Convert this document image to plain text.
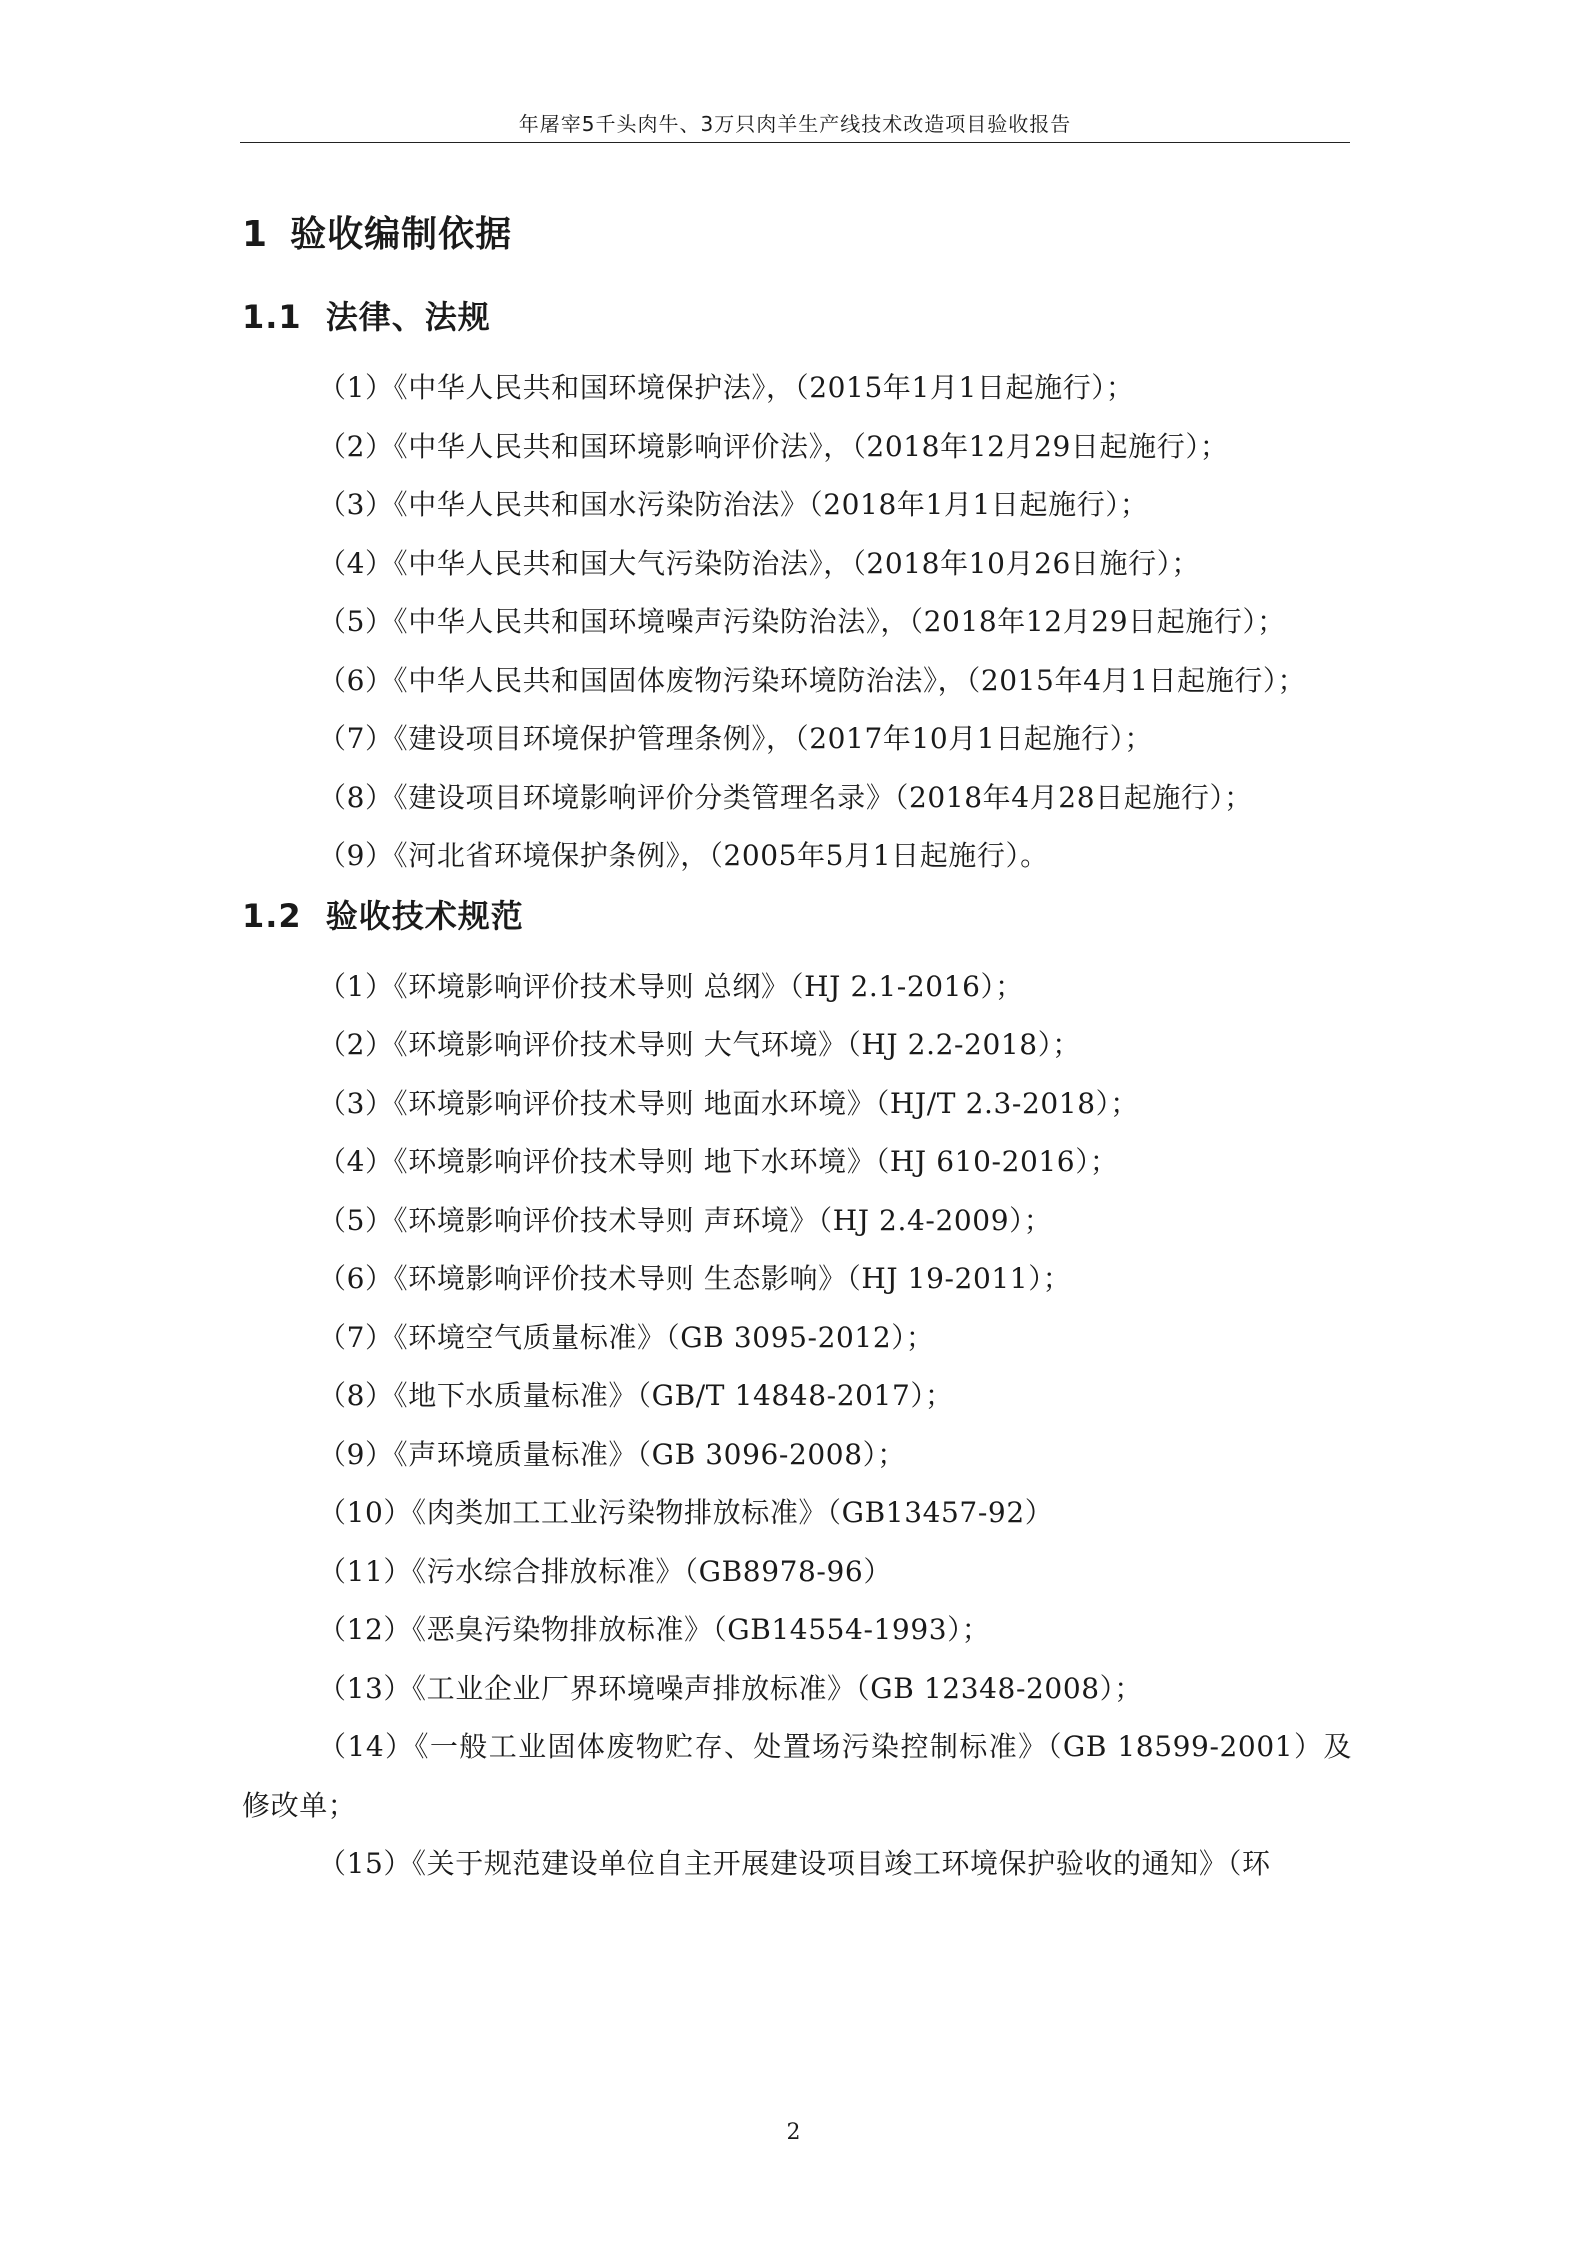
年屠宰5千头肉牛、3万只肉羊生产线技术改造项目验收报告
1 验收编制依据
1.1 法律、法规

（1）《中华人民共和国环境保护法》，（2015年1月1日起施行）；

（2）《中华人民共和国环境影响评价法》，（2018年12月29日起施行）；

（3）《中华人民共和国水污染防治法》（2018年1月1日起施行）；

（4）《中华人民共和国大气污染防治法》，（2018年10月26日施行）；

（5）《中华人民共和国环境噪声污染防治法》，（2018年12月29日起施行）；

（6）《中华人民共和国固体废物污染环境防治法》，（2015年4月1日起施行）；

（7）《建设项目环境保护管理条例》，（2017年10月1日起施行）；

（8）《建设项目环境影响评价分类管理名录》（2018年4月28日起施行）；

（9）《河北省环境保护条例》，（2005年5月1日起施行）。

1.2 验收技术规范

（1）《环境影响评价技术导则 总纲》（HJ 2.1-2016）；

（2）《环境影响评价技术导则 大气环境》（HJ 2.2-2018）；

（3）《环境影响评价技术导则 地面水环境》（HJ/T 2.3-2018）；

（4）《环境影响评价技术导则 地下水环境》（HJ 610-2016）；

（5）《环境影响评价技术导则 声环境》（HJ 2.4-2009）；

（6）《环境影响评价技术导则 生态影响》（HJ 19-2011）；

（7）《环境空气质量标准》（GB 3095-2012）；

（8）《地下水质量标准》（GB/T 14848-2017）；

（9）《声环境质量标准》（GB 3096-2008）；

（10）《肉类加工工业污染物排放标准》（GB13457-92）

（11）《污水综合排放标准》（GB8978-96）

（12）《恶臭污染物排放标准》（GB14554-1993）；

（13）《工业企业厂界环境噪声排放标准》（GB 12348-2008）；

（14）《一般工业固体废物贮存、处置场污染控制标准》（GB 18599-2001）及修改单；

（15）《关于规范建设单位自主开展建设项目竣工环境保护验收的通知》（环

2
